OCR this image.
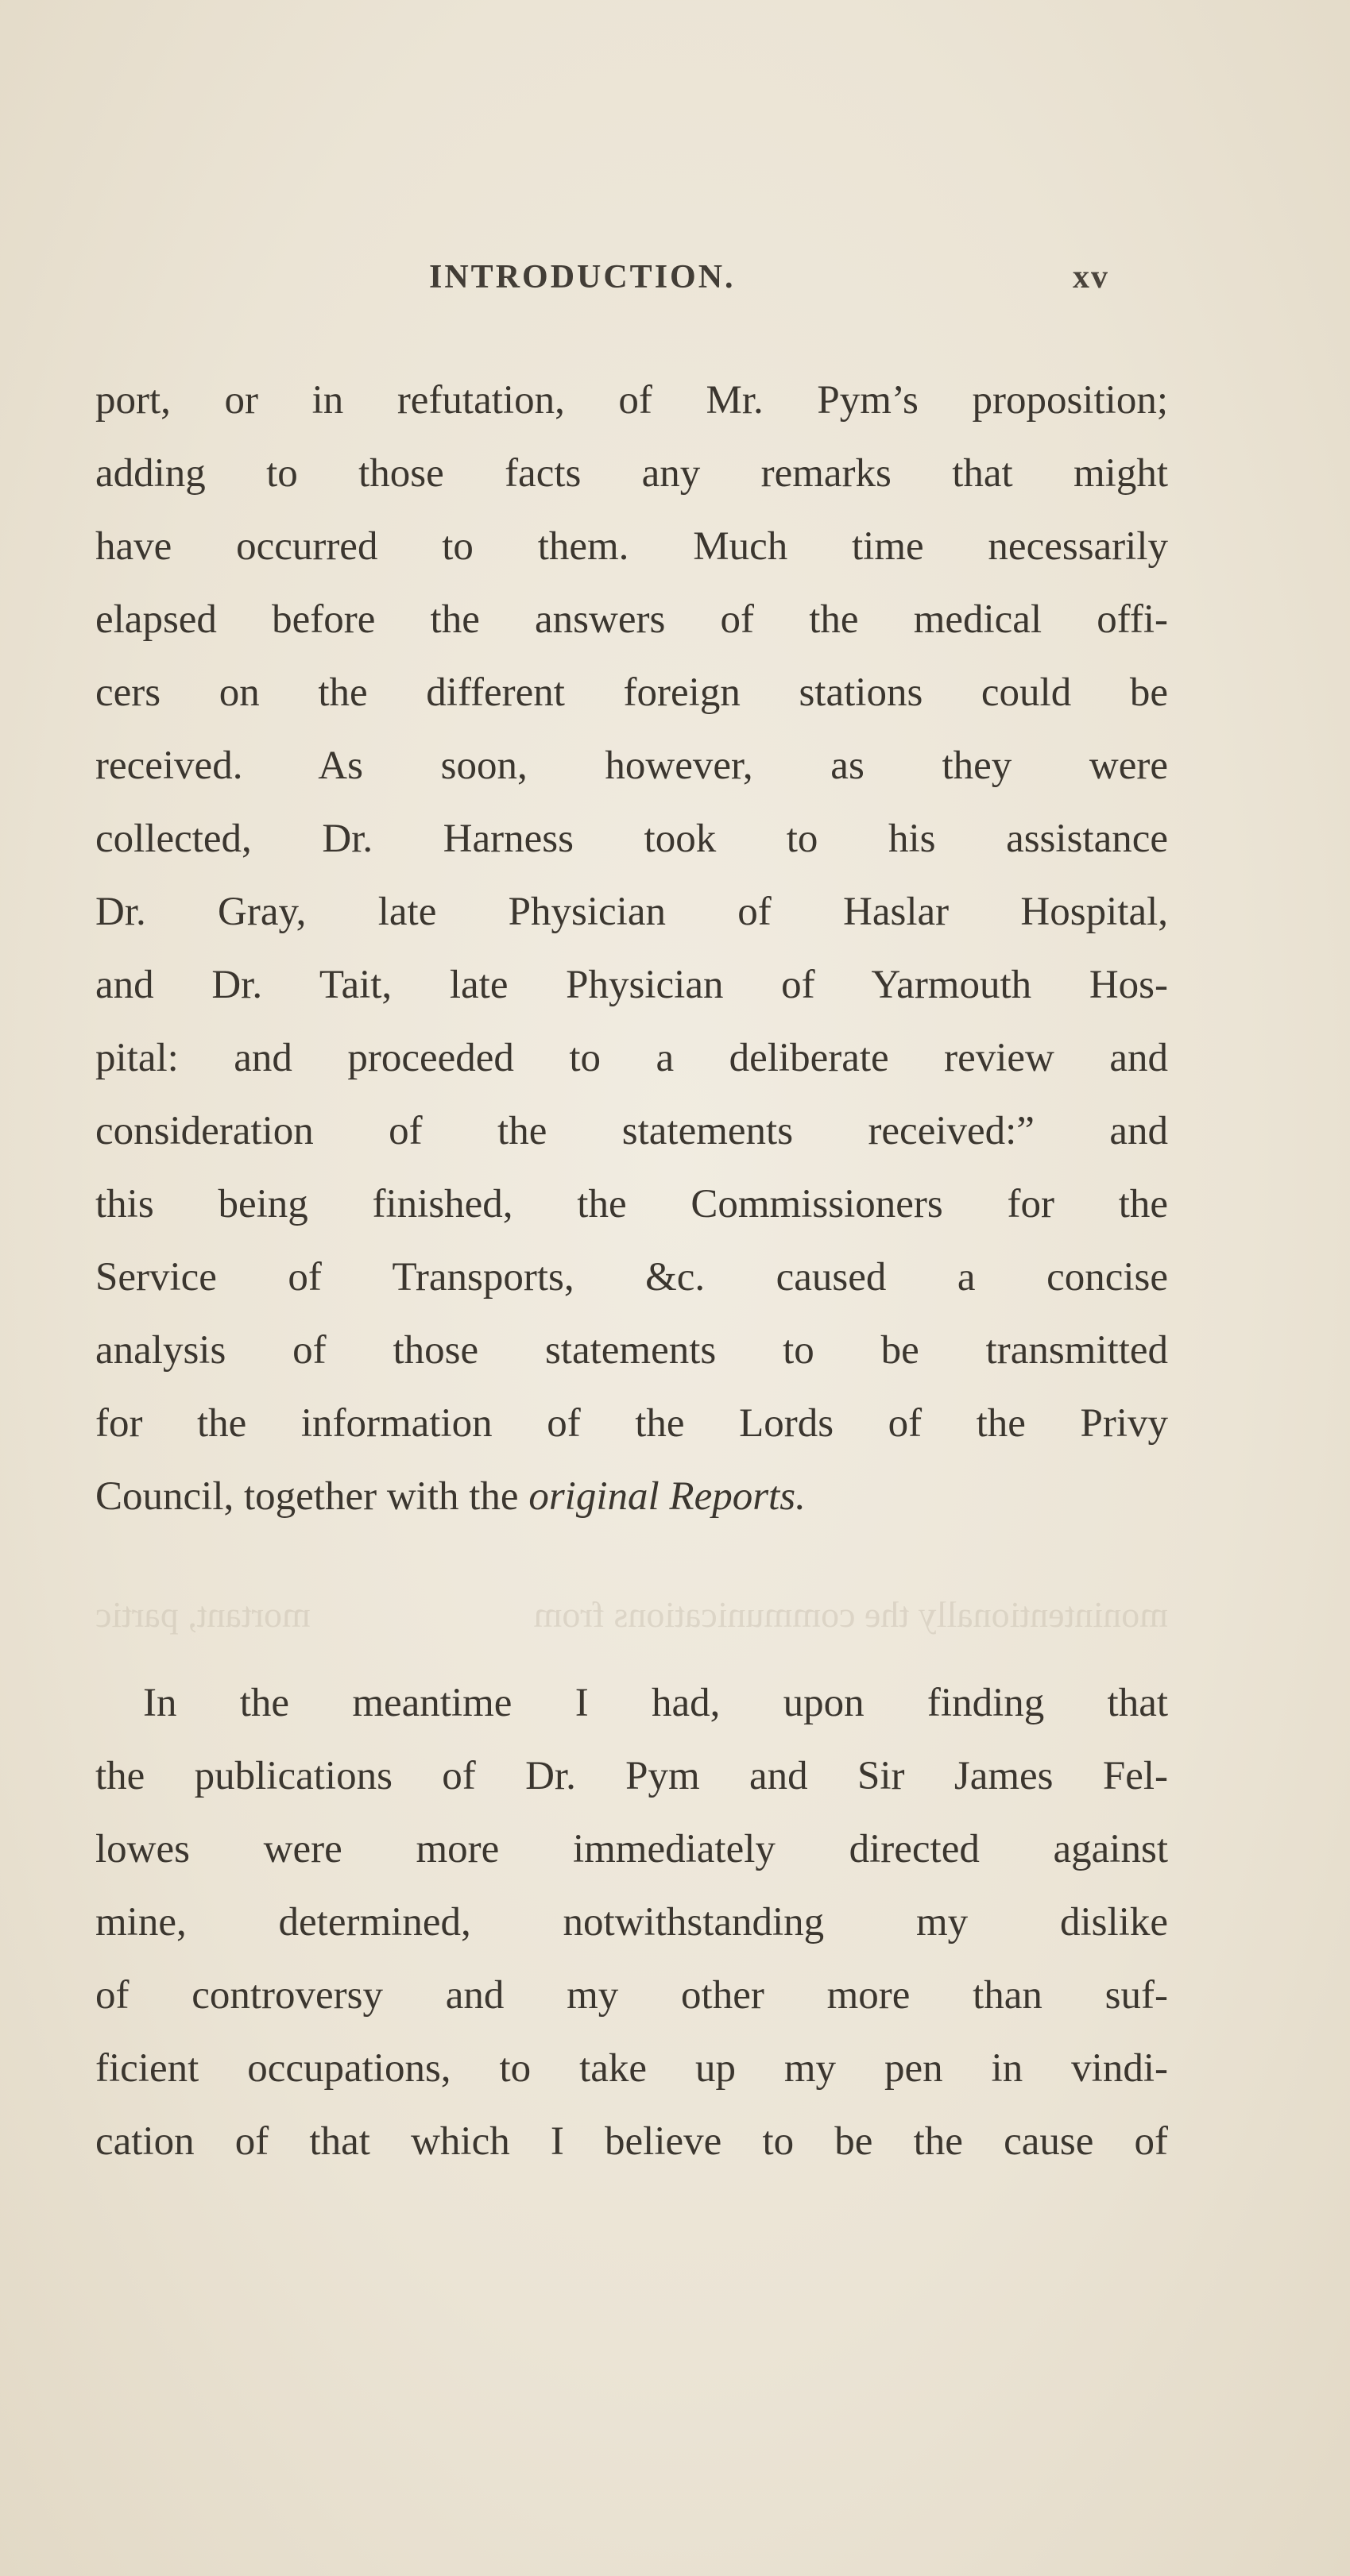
INTRODUCTION.	xv
port, or in refutation, of Mr. Pym’s proposition;
adding to those facts any remarks that might
have occurred to them. Much time necessarily
elapsed before the answers of the medical offi-
cers on the different foreign stations could be
received. As soon, however, as they were
collected, Dr. Harness took to his assistance
Dr. Gray, late Physician of Haslar Hospital,
and Dr. Tait, late Physician of Yarmouth Hos-
pital: and proceeded to a deliberate review and
consideration of the statements received:” and
this being finished, the Commissioners for the
Service of Transports, &c. caused a concise
analysis of those statements to be transmitted
for the information of the Lords of the Privy
Council, together with the original Reports.
mon
intentionally the communications from
mortant, partic
In the meantime I had, upon finding that
the publications of Dr. Pym and Sir James Fel-
lowes were more immediately directed against
mine, determined, notwithstanding my dislike
of controversy and my other more than suf-
ficient occupations, to take up my pen in vindi-
cation of that which I believe to be the cause of
